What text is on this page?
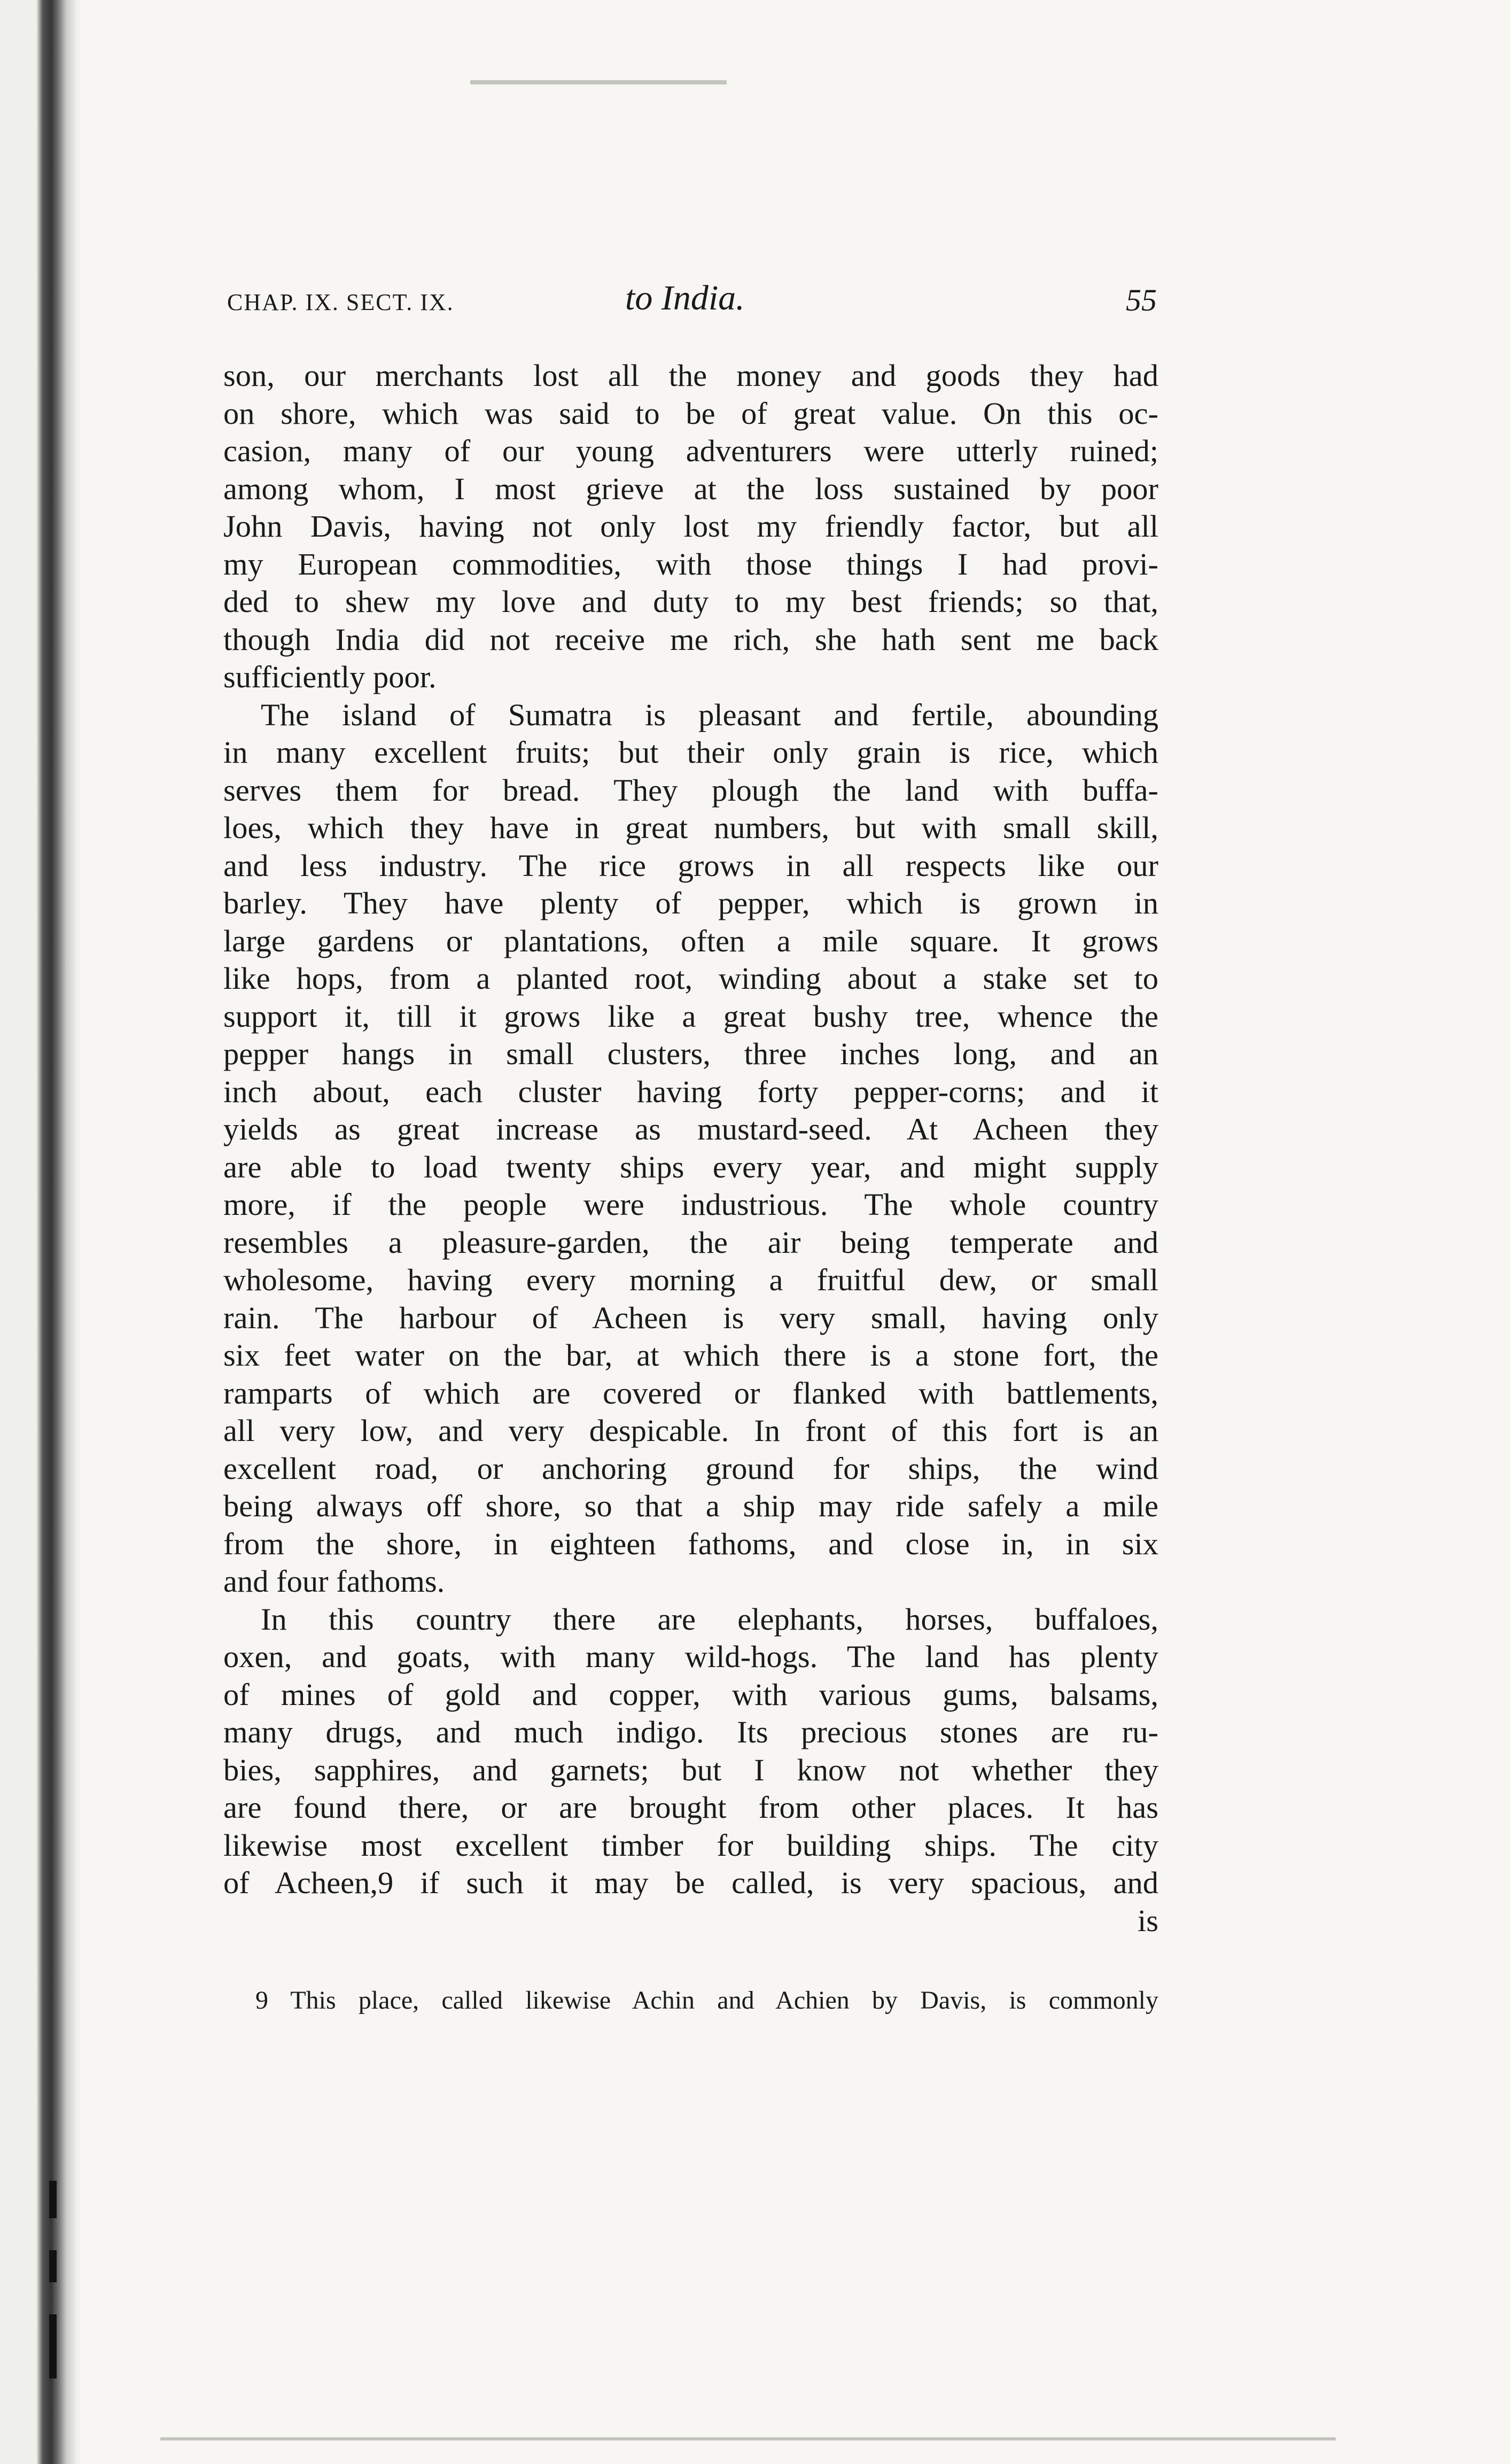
CHAP. IX. SECT. IX.	to India.	55
son, our merchants lost all the money and goods they had
on shore, which was said to be of great value. On this oc-
casion, many of our young adventurers were utterly ruined;
among whom, I most grieve at the loss sustained by poor
John Davis, having not only lost my friendly factor, but all
my European commodities, with those things I had provi-
ded to shew my love and duty to my best friends; so that,
though India did not receive me rich, she hath sent me back
sufficiently poor.
The island of Sumatra is pleasant and fertile, abounding
in many excellent fruits; but their only grain is rice, which
serves them for bread. They plough the land with buffa-
loes, which they have in great numbers, but with small skill,
and less industry. The rice grows in all respects like our
barley. They have plenty of pepper, which is grown in
large gardens or plantations, often a mile square. It grows
like hops, from a planted root, winding about a stake set to
support it, till it grows like a great bushy tree, whence the
pepper hangs in small clusters, three inches long, and an
inch about, each cluster having forty pepper-corns; and it
yields as great increase as mustard-seed. At Acheen they
are able to load twenty ships every year, and might supply
more, if the people were industrious. The whole country
resembles a pleasure-garden, the air being temperate and
wholesome, having every morning a fruitful dew, or small
rain. The harbour of Acheen is very small, having only
six feet water on the bar, at which there is a stone fort, the
ramparts of which are covered or flanked with battlements,
all very low, and very despicable. In front of this fort is an
excellent road, or anchoring ground for ships, the wind
being always off shore, so that a ship may ride safely a mile
from the shore, in eighteen fathoms, and close in, in six
and four fathoms.
In this country there are elephants, horses, buffaloes,
oxen, and goats, with many wild-hogs. The land has plenty
of mines of gold and copper, with various gums, balsams,
many drugs, and much indigo. Its precious stones are ru-
bies, sapphires, and garnets; but I know not whether they
are found there, or are brought from other places. It has
likewise most excellent timber for building ships. The city
of Acheen,9 if such it may be called, is very spacious, and
is
9 This place, called likewise Achin and Achien by Davis, is commonly
